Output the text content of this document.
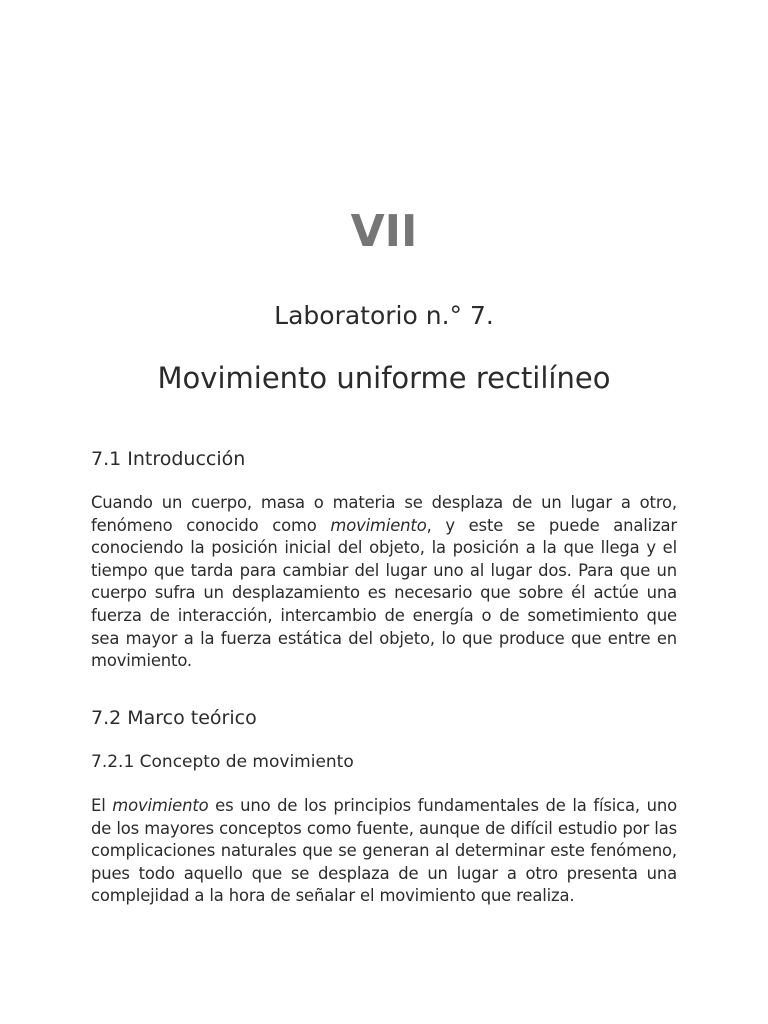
VII
Laboratorio n.° 7.
Movimiento uniforme rectilíneo
7.1 Introducción

Cuando un cuerpo, masa o materia se desplaza de un lugar a otro, fenómeno conocido como movimiento, y este se puede analizar conociendo la posición inicial del objeto, la posición a la que llega y el tiempo que tarda para cambiar del lugar uno al lugar dos. Para que un cuerpo sufra un desplazamiento es necesario que sobre él actúe una fuerza de interacción, intercambio de energía o de sometimiento que sea mayor a la fuerza estática del objeto, lo que produce que entre en movimiento.

7.2 Marco teórico
7.2.1 Concepto de movimiento

El movimiento es uno de los principios fundamentales de la física, uno de los mayores conceptos como fuente, aunque de difícil estudio por las complicaciones naturales que se generan al determinar este fenómeno, pues todo aquello que se desplaza de un lugar a otro presenta una complejidad a la hora de señalar el movimiento que realiza.
